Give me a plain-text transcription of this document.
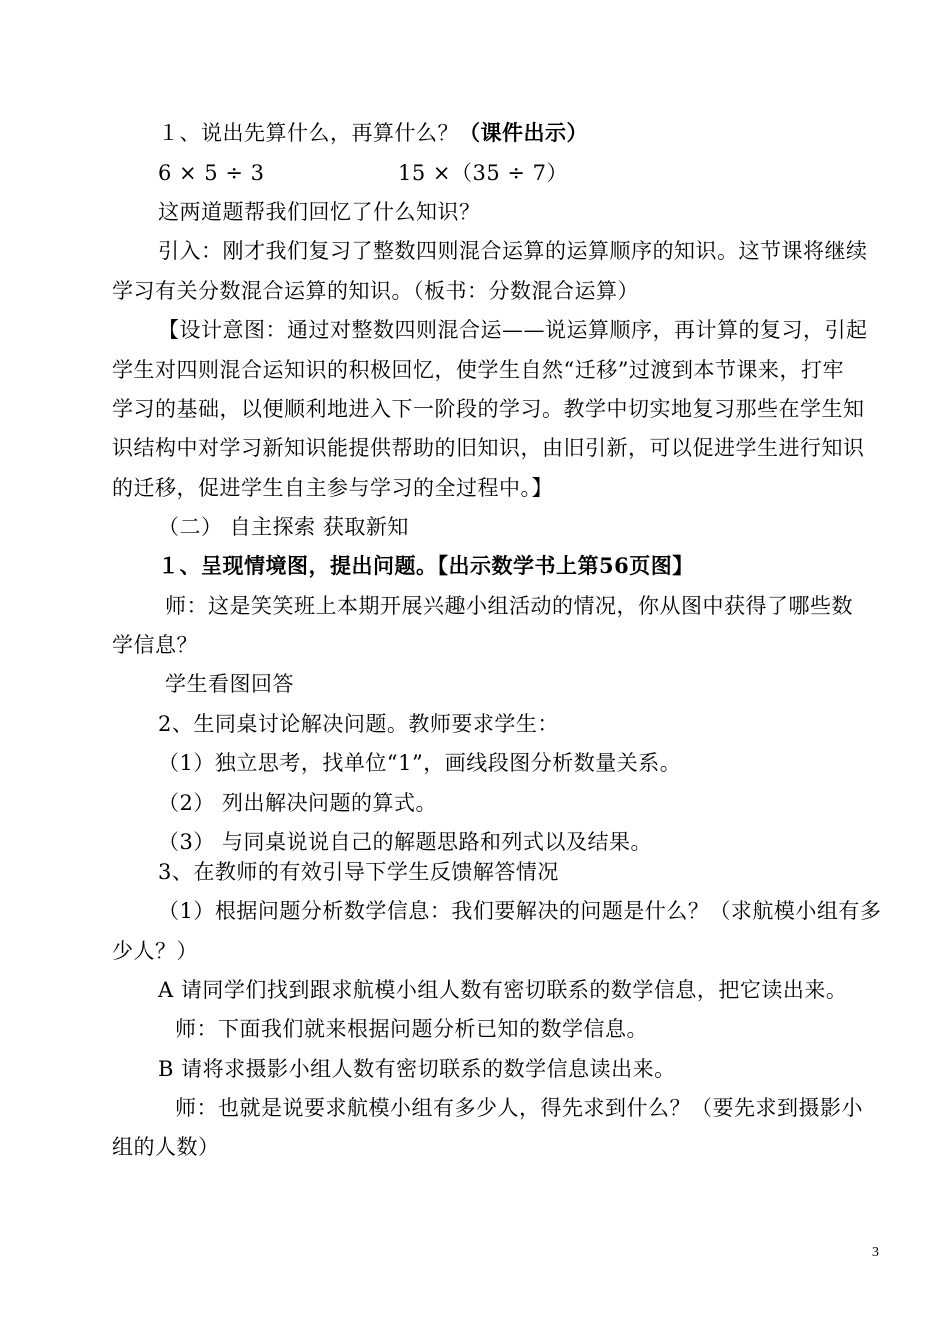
１、说出先算什么，再算什么？（课件出示）
6 × 5 ÷ 3	15 ×（35 ÷ 7）
这两道题帮我们回忆了什么知识？
引入：刚才我们复习了整数四则混合运算的运算顺序的知识。这节课将继续
学习有关分数混合运算的知识。（板书：分数混合运算）
【设计意图：通过对整数四则混合运——说运算顺序，再计算的复习，引起
学生对四则混合运知识的积极回忆，使学生自然“迁移”过渡到本节课来，打牢
学习的基础，以便顺利地进入下一阶段的学习。教学中切实地复习那些在学生知
识结构中对学习新知识能提供帮助的旧知识，由旧引新，可以促进学生进行知识
的迁移，促进学生自主参与学习的全过程中。】
（二） 自主探索 获取新知
１、呈现情境图，提出问题。【出示数学书上第56页图】
师：这是笑笑班上本期开展兴趣小组活动的情况，你从图中获得了哪些数
学信息？
学生看图回答
2、生同桌讨论解决问题。教师要求学生：
（1）独立思考，找单位“1”，画线段图分析数量关系。
（2） 列出解决问题的算式。
（3） 与同桌说说自己的解题思路和列式以及结果。
3、在教师的有效引导下学生反馈解答情况
（1）根据问题分析数学信息：我们要解决的问题是什么？（求航模小组有多
少人？）
A 请同学们找到跟求航模小组人数有密切联系的数学信息，把它读出来。
师：下面我们就来根据问题分析已知的数学信息。
B 请将求摄影小组人数有密切联系的数学信息读出来。
师：也就是说要求航模小组有多少人，得先求到什么？（要先求到摄影小
组的人数）
3
